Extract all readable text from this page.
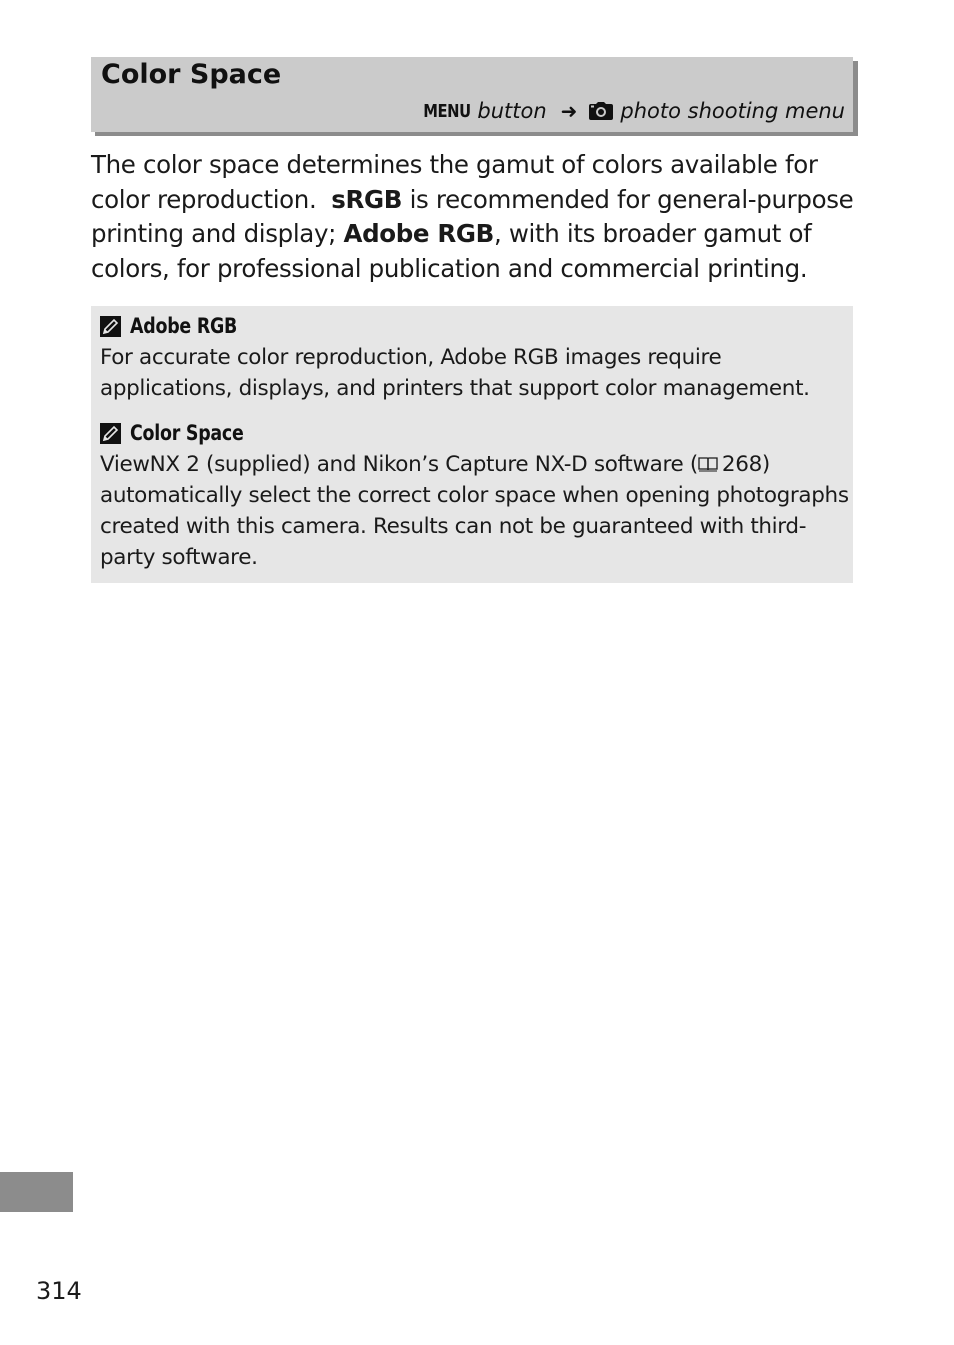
Color Space
MENU button ➜ photo shooting menu
The color space determines the gamut of colors available for color reproduction.  sRGB is recommended for general-purpose printing and display; Adobe RGB, with its broader gamut of colors, for professional publication and commercial printing.
Adobe RGB
For accurate color reproduction, Adobe RGB images require applications, displays, and printers that support color management.
Color Space
ViewNX 2 (supplied) and Nikon’s Capture NX-D software ( 268) automatically select the correct color space when opening photographs created with this camera. Results can not be guaranteed with third-party software.
314
